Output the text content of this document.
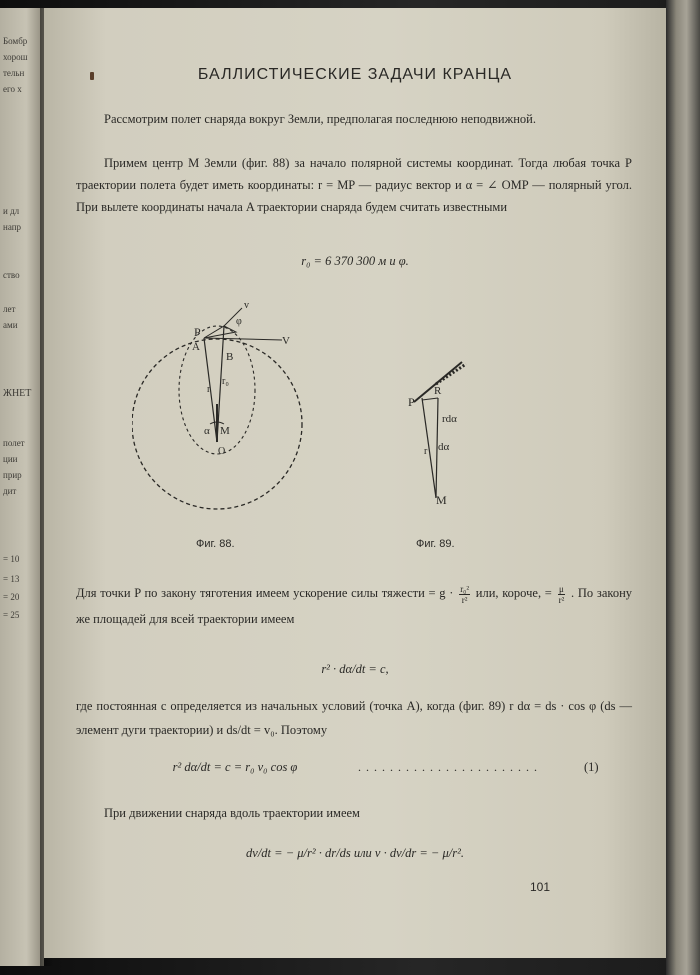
Бомбр
хорош
тельн
его х
и дл
напр
ство
лет
ами
ЖНЕТ
полет
ции
прир
дит
= 10
= 13
= 20
= 25
БАЛЛИСТИЧЕСКИЕ ЗАДАЧИ КРАНЦА
Рассмотрим полет снаряда вокруг Земли, предполагая последнюю неподвижной.
Примем центр M Земли (фиг. 88) за начало полярной системы координат. Тогда любая точка P траектории полета будет иметь координаты: r = MP — радиус вектор и α = ∠ OMP — полярный угол. При вылете координаты начала A траектории снаряда будем считать известными
r₀ = 6 370 300 м и φ.
P
A
B
r
r₀
α M
O
φ
v
V
Фиг. 88.
P
R
rdα
dα
r
M
Фиг. 89.
Для точки P по закону тяготения имеем ускорение силы тяжести = $g \cdot \frac{\text{r₀²}}{\text{r²}}$ или, короче, = $\frac{\mu}{\text{r²}}$ . По закону же площадей для всей траектории имеем
r² · dα/dt = c,
где постоянная c определяется из начальных условий (точка A), когда (фиг. 89) r dα = ds · cos φ (ds — элемент дуги траектории) и ds/dt = v₀. Поэтому
r² dα/dt = c = r₀ v₀ cos φ	. . . . . . . . . . . . . . . . . . . . . . .	(1)
При движении снаряда вдоль траектории имеем
dv/dt = − μ/r² · dr/ds или v · dv/dr = − μ/r².
101
